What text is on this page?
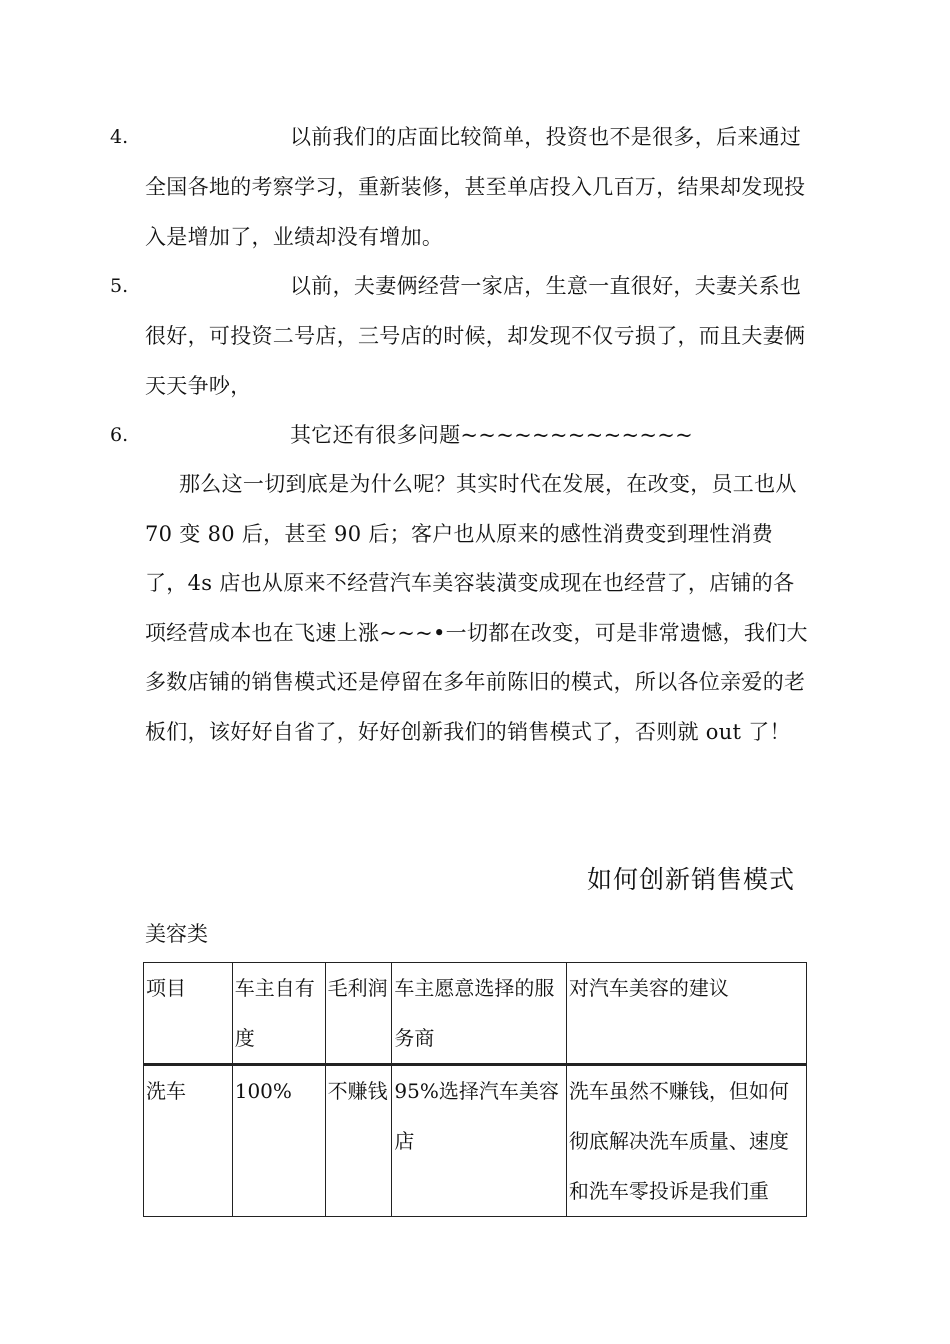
4.	以前我们的店面比较简单，投资也不是很多，后来通过全国各地的考察学习，重新装修，甚至单店投入几百万，结果却发现投入是增加了，业绩却没有增加。
5.	以前，夫妻俩经营一家店，生意一直很好，夫妻关系也很好，可投资二号店，三号店的时候，却发现不仅亏损了，而且夫妻俩天天争吵，
6.	其它还有很多问题~~~~~~~~~~~~~
那么这一切到底是为什么呢？其实时代在发展，在改变，员工也从 70 变 80 后，甚至 90 后；客户也从原来的感性消费变到理性消费了，4s 店也从原来不经营汽车美容装潢变成现在也经营了，店铺的各项经营成本也在飞速上涨~~~•一切都在改变，可是非常遗憾，我们大多数店铺的销售模式还是停留在多年前陈旧的模式，所以各位亲爱的老板们，该好好自省了，好好创新我们的销售模式了，否则就 out 了！
如何创新销售模式
美容类
项目	车主自有度	毛利润	车主愿意选择的服务商	对汽车美容的建议
洗车	100%	不赚钱	95%选择汽车美容店	洗车虽然不赚钱，但如何彻底解决洗车质量、速度和洗车零投诉是我们重
